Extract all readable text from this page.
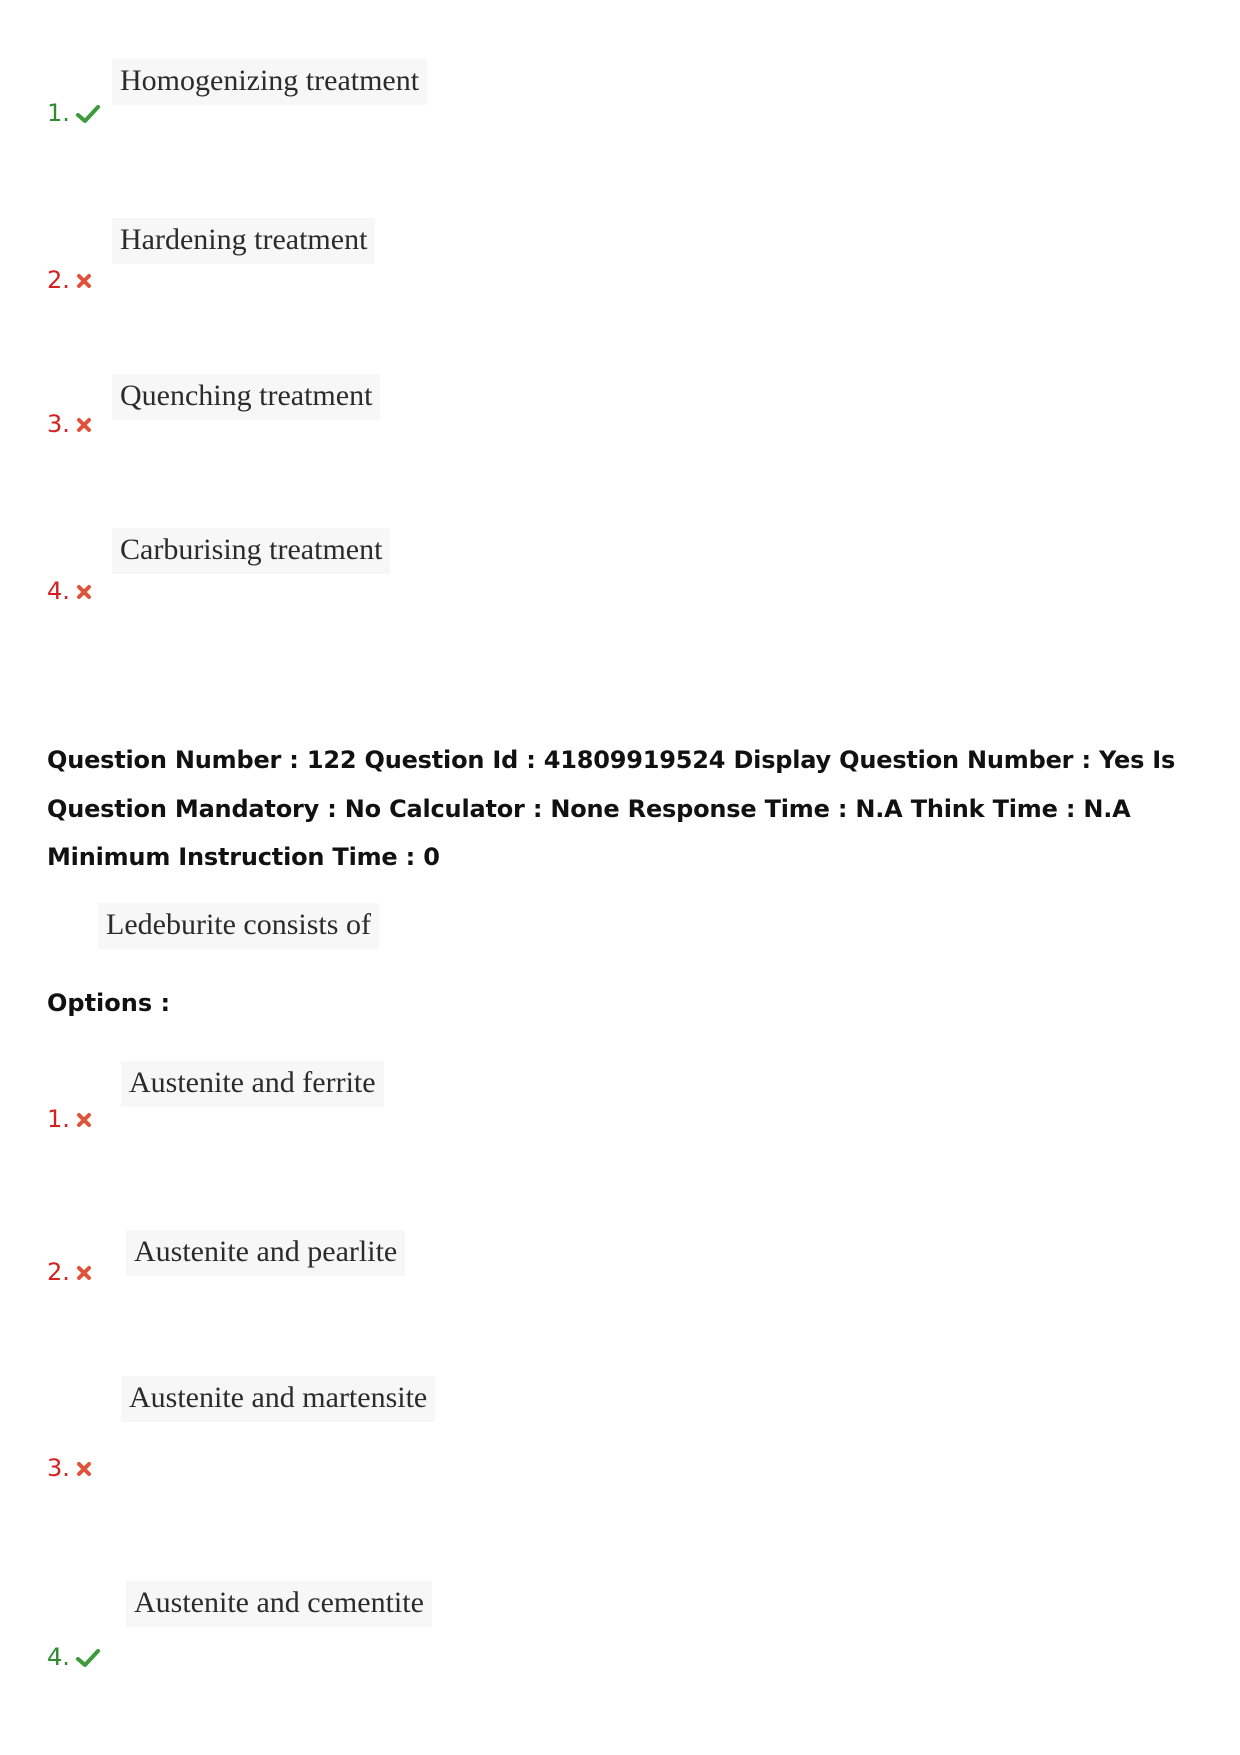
Homogenizing treatment
1.
Hardening treatment
2.
Quenching treatment
3.
Carburising treatment
4.
Question Number : 122 Question Id : 41809919524 Display Question Number : Yes Is Question Mandatory : No Calculator : None Response Time : N.A Think Time : N.A Minimum Instruction Time : 0
Ledeburite consists of
Options :
Austenite and ferrite
1.
Austenite and pearlite
2.
Austenite and martensite
3.
Austenite and cementite
4.
